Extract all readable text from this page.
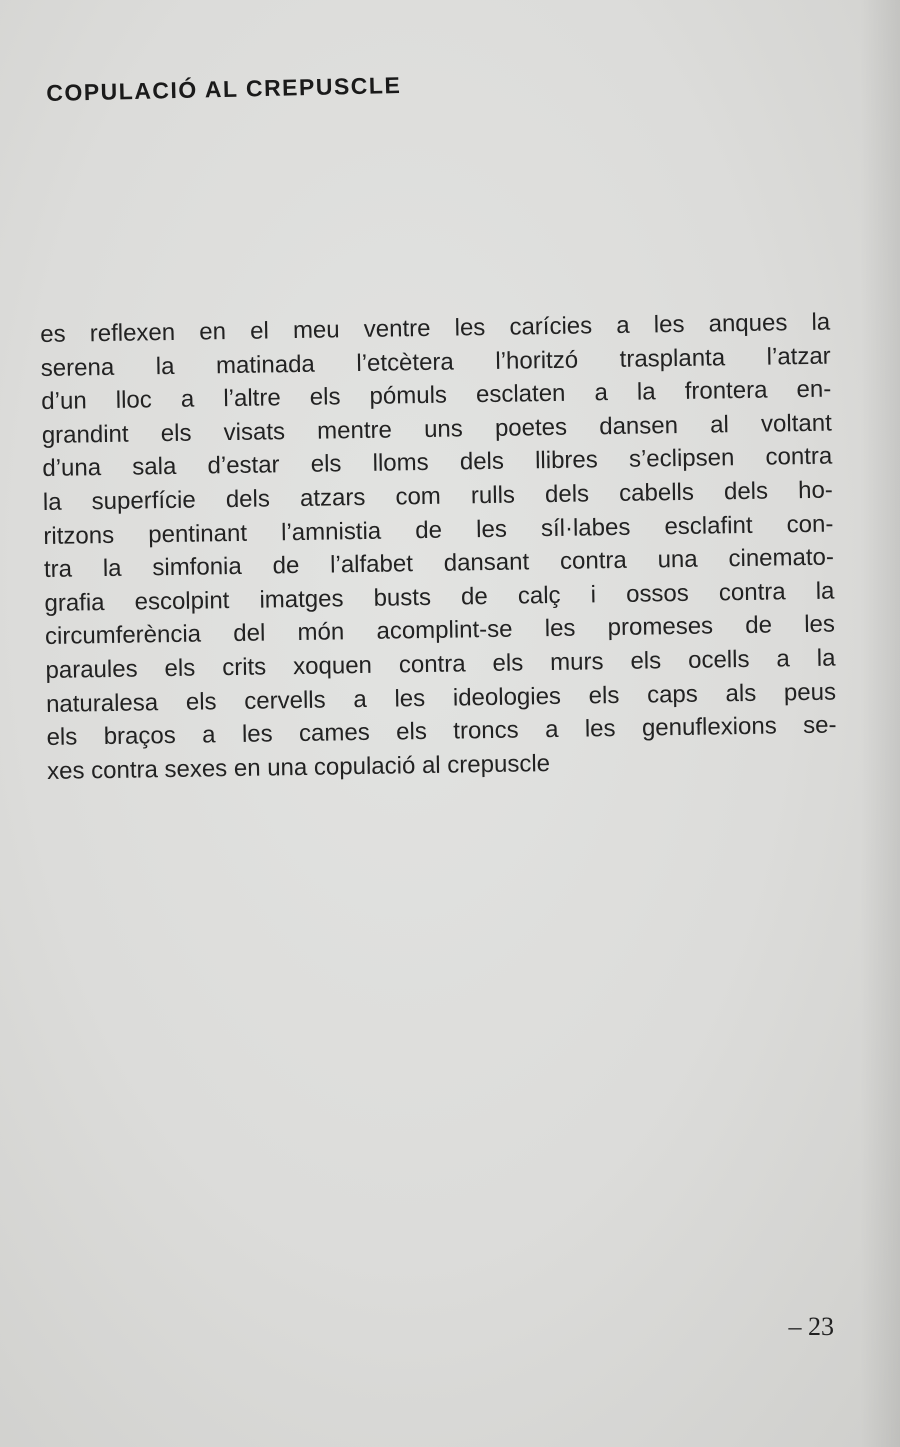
COPULACIÓ AL CREPUSCLE
es reflexen en el meu ventre les carícies a les anques la
serena la matinada l’etcètera l’horitzó trasplanta l’atzar
d’un lloc a l’altre els pómuls esclaten a la frontera en-
grandint els visats mentre uns poetes dansen al voltant
d’una sala d’estar els lloms dels llibres s’eclipsen contra
la superfície dels atzars com rulls dels cabells dels ho-
ritzons pentinant l’amnistia de les síl·labes esclafint con-
tra la simfonia de l’alfabet dansant contra una cinemato-
grafia escolpint imatges busts de calç i ossos contra la
circumferència del món acomplint-se les promeses de les
paraules els crits xoquen contra els murs els ocells a la
naturalesa els cervells a les ideologies els caps als peus
els braços a les cames els troncs a les genuflexions se-
xes contra sexes en una copulació al crepuscle

– 23
